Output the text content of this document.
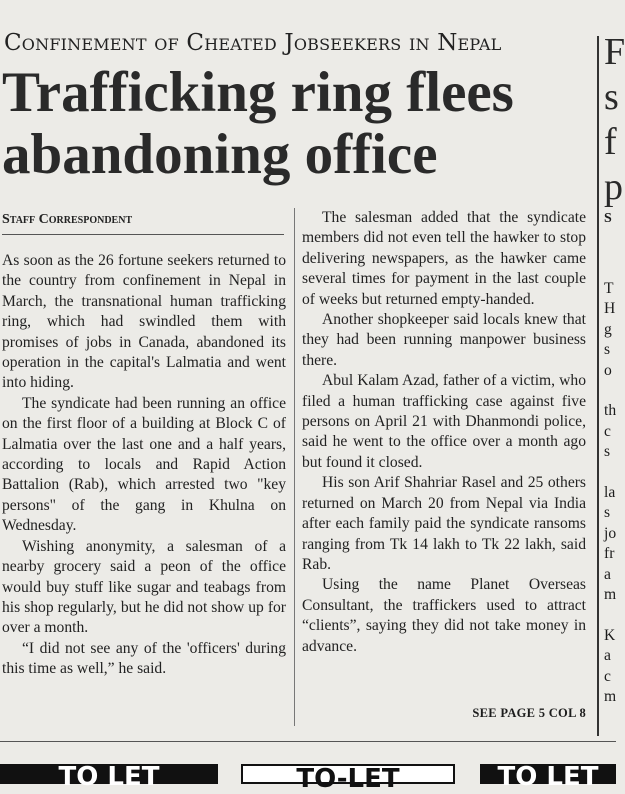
Confinement of Cheated Jobseekers in Nepal
Trafficking ring flees
abandoning office
Staff Correspondent

As soon as the 26 fortune seekers returned to the country from confinement in Nepal in March, the transnational human trafficking ring, which had swindled them with promises of jobs in Canada, abandoned its operation in the capital's Lalmatia and went into hiding.

The syndicate had been running an office on the first floor of a building at Block C of Lalmatia over the last one and a half years, according to locals and Rapid Action Battalion (Rab), which arrested two "key persons" of the gang in Khulna on Wednesday.

Wishing anonymity, a salesman of a nearby grocery said a peon of the office would buy stuff like sugar and teabags from his shop regularly, but he did not show up for over a month.

“I did not see any of the 'officers' during this time as well,” he said.

The salesman added that the syndicate members did not even tell the hawker to stop delivering newspapers, as the hawker came several times for payment in the last couple of weeks but returned empty-handed.

Another shopkeeper said locals knew that they had been running manpower business there.

Abul Kalam Azad, father of a victim, who filed a human trafficking case against five persons on April 21 with Dhanmondi police, said he went to the office over a month ago but found it closed.

His son Arif Shahriar Rasel and 25 others returned on March 20 from Nepal via India after each family paid the syndicate ransoms ranging from Tk 14 lakh to Tk 22 lakh, said Rab.

Using the name Planet Overseas Consultant, the traffickers used to attract “clients”, saying they did not take money in advance.

SEE PAGE 5 COL 8
F
s
f
p
S
T
H
g
s
o

th
c
s

la
s
jo
fr
a
m

K
a
c
m
TO LET	TO-LET	TO LET
